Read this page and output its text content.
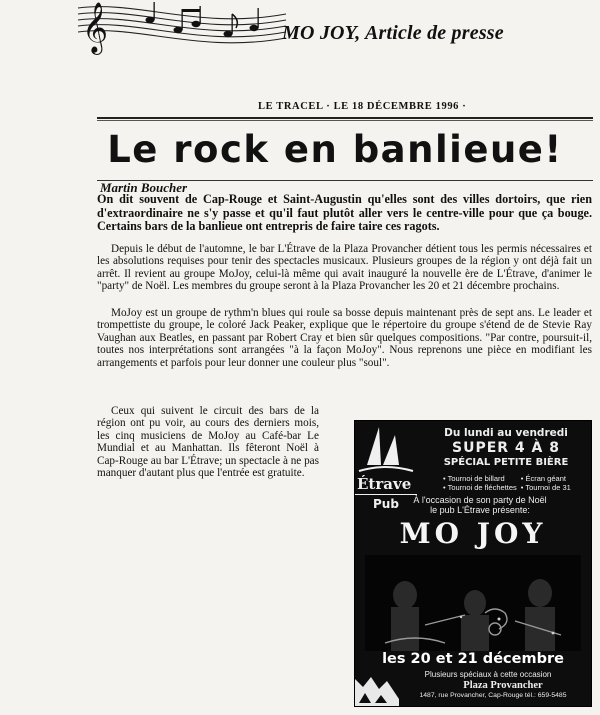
𝄞	MO JOY, Article de presse
LE TRACEL · LE 18 DÉCEMBRE 1996 ·
Le rock en banlieue!
Martin Boucher
On dit souvent de Cap-Rouge et Saint-Augustin qu'elles sont des villes dortoirs, que rien d'extraordinaire ne s'y passe et qu'il faut plutôt aller vers le centre-ville pour que ça bouge. Certains bars de la banlieue ont entrepris de faire taire ces ragots.
Depuis le début de l'automne, le bar L'Étrave de la Plaza Provancher détient tous les permis nécessaires et les absolutions requises pour tenir des spectacles musicaux. Plusieurs groupes de la région y ont déjà fait un arrêt. Il revient au groupe MoJoy, celui-là même qui avait inauguré la nouvelle ère de L'Étrave, d'animer le "party" de Noël. Les membres du groupe seront à la Plaza Provancher les 20 et 21 décembre prochains.
MoJoy est un groupe de rythm'n blues qui roule sa bosse depuis maintenant près de sept ans. Le leader et trompettiste du groupe, le coloré Jack Peaker, explique que le répertoire du groupe s'étend de de Stevie Ray Vaughan aux Beatles, en passant par Robert Cray et bien sûr quelques compositions. "Par contre, poursuit-il, toutes nos interprétations sont arrangées "à la façon MoJoy". Nous reprenons une pièce en modifiant les arrangements et parfois pour leur donner une couleur plus "soul".
Ceux qui suivent le circuit des bars de la région ont pu voir, au cours des derniers mois, les cinq musiciens de MoJoy au Café-bar Le Mundial et au Manhattan. Ils fêteront Noël à Cap-Rouge au bar L'Étrave; un spectacle à ne pas manquer d'autant plus que l'entrée est gratuite.
Étrave
Pub
Du lundi au vendredi
SUPER 4 À 8
SPÉCIAL PETITE BIÈRE
• Tournoi de billard	• Écran géant
• Tournoi de fléchettes • Tournoi de 31
À l'occasion de son party de Noël
le pub L'Étrave présente:
MO JOY
les 20 et 21 décembre
Plusieurs spéciaux à cette occasion
Plaza Provancher
1487, rue Provancher, Cap-Rouge tél.: 659-5485
